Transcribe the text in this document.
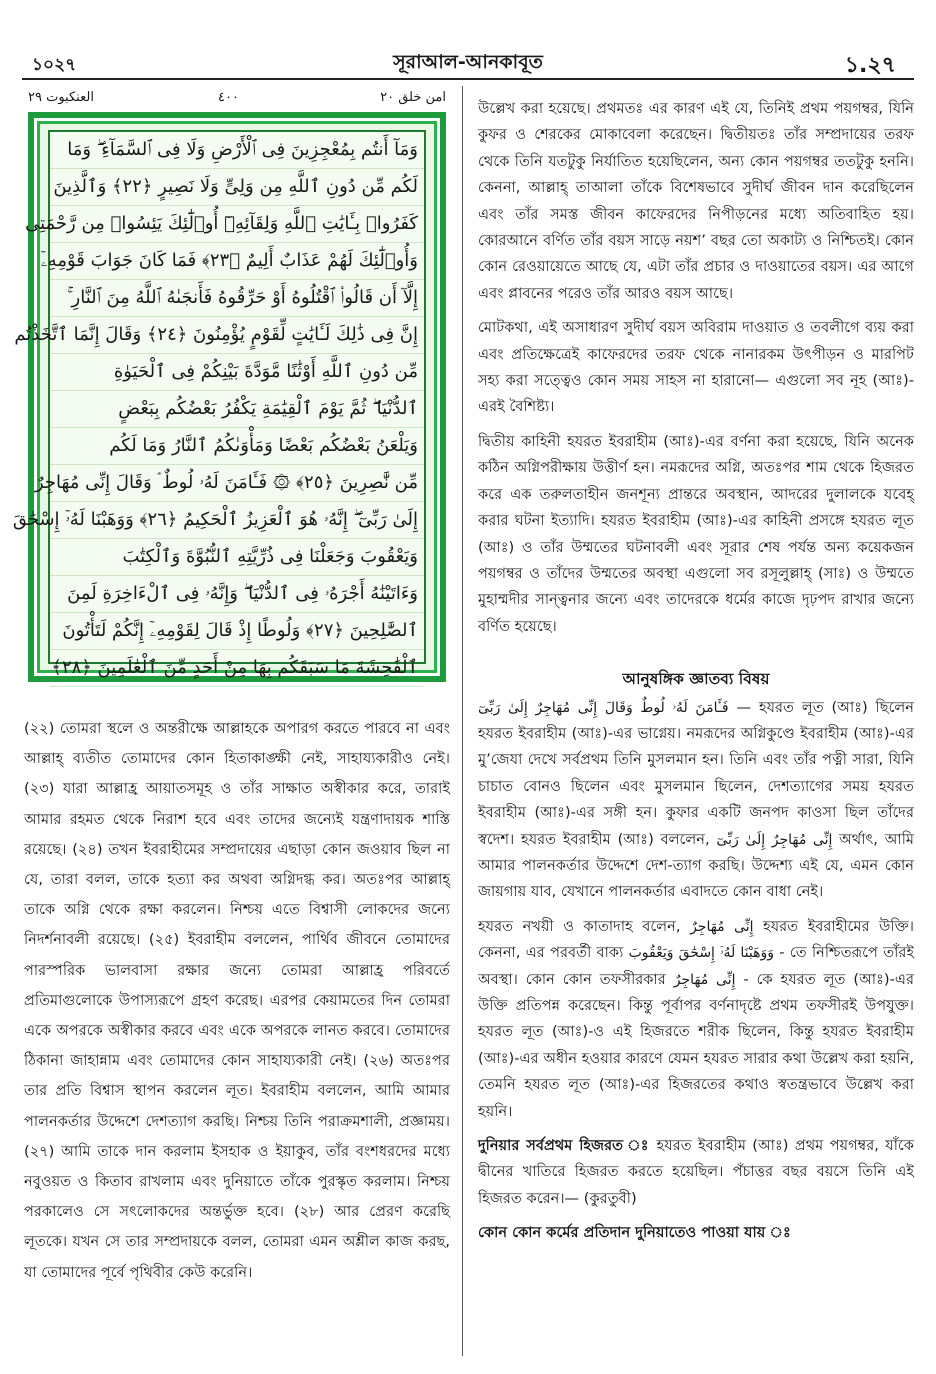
১০২৭	সূরাআল-আনকাবূত	১.২৭
العنكبوت ٢٩	٤٠٠	امن خلق ٢٠
وَمَآ أَنتُم بِمُعْجِزِينَ فِى ٱلْأَرْضِ وَلَا فِى ٱلسَّمَآءِ ۖ وَمَا
لَكُم مِّن دُونِ ٱللَّهِ مِن وَلِىٍّ وَلَا نَصِيرٍ ﴿٢٢﴾ وَٱلَّذِينَ
كَفَرُوا۟ بِـَٔايَٰتِ ٱللَّهِ وَلِقَآئِهِۦٓ أُو۟لَٰٓئِكَ يَئِسُوا۟ مِن رَّحْمَتِى
وَأُو۟لَٰٓئِكَ لَهُمْ عَذَابٌ أَلِيمٌ ﴿٢٣﴾ فَمَا كَانَ جَوَابَ قَوْمِهِۦٓ
إِلَّآ أَن قَالُوا۟ ٱقْتُلُوهُ أَوْ حَرِّقُوهُ فَأَنجَىٰهُ ٱللَّهُ مِنَ ٱلنَّارِ ۚ
إِنَّ فِى ذَٰلِكَ لَـَٔايَٰتٍ لِّقَوْمٍ يُؤْمِنُونَ ﴿٢٤﴾ وَقَالَ إِنَّمَا ٱتَّخَذْتُم
مِّن دُونِ ٱللَّهِ أَوْثَٰنًا مَّوَدَّةَ بَيْنِكُمْ فِى ٱلْحَيَوٰةِ
ٱلدُّنْيَا ۖ ثُمَّ يَوْمَ ٱلْقِيَٰمَةِ يَكْفُرُ بَعْضُكُم بِبَعْضٍ
وَيَلْعَنُ بَعْضُكُم بَعْضًا وَمَأْوَىٰكُمُ ٱلنَّارُ وَمَا لَكُم
مِّن نَّٰصِرِينَ ﴿٢٥﴾ ۞ فَـَٔامَنَ لَهُۥ لُوطٌ ۘ وَقَالَ إِنِّى مُهَاجِرٌ
إِلَىٰ رَبِّىٓ ۖ إِنَّهُۥ هُوَ ٱلْعَزِيزُ ٱلْحَكِيمُ ﴿٢٦﴾ وَوَهَبْنَا لَهُۥٓ إِسْحَٰقَ
وَيَعْقُوبَ وَجَعَلْنَا فِى ذُرِّيَّتِهِ ٱلنُّبُوَّةَ وَٱلْكِتَٰبَ
وَءَاتَيْنَٰهُ أَجْرَهُۥ فِى ٱلدُّنْيَا ۖ وَإِنَّهُۥ فِى ٱلْءَاخِرَةِ لَمِنَ
ٱلصَّٰلِحِينَ ﴿٢٧﴾ وَلُوطًا إِذْ قَالَ لِقَوْمِهِۦٓ إِنَّكُمْ لَتَأْتُونَ
ٱلْفَٰحِشَةَ مَا سَبَقَكُم بِهَا مِنْ أَحَدٍ مِّنَ ٱلْعَٰلَمِينَ ﴿٢٨﴾
(২২) তোমরা স্থলে ও অন্তরীক্ষে আল্লাহকে অপারগ করতে পারবে না এবং আল্লাহ্ ব্যতীত তোমাদের কোন হিতাকাঙ্ক্ষী নেই, সাহায্যকারীও নেই। (২৩) যারা আল্লাহ্র আয়াতসমূহ ও তাঁর সাক্ষাত অস্বীকার করে, তারাই আমার রহমত থেকে নিরাশ হবে এবং তাদের জন্যেই যন্ত্রণাদায়ক শাস্তি রয়েছে। (২৪) তখন ইবরাহীমের সম্প্রদায়ের এছাড়া কোন জওয়াব ছিল না যে, তারা বলল, তাকে হত্যা কর অথবা অগ্নিদগ্ধ কর। অতঃপর আল্লাহ্ তাকে অগ্নি থেকে রক্ষা করলেন। নিশ্চয় এতে বিশ্বাসী লোকদের জন্যে নিদর্শনাবলী রয়েছে। (২৫) ইবরাহীম বললেন, পার্থিব জীবনে তোমাদের পারস্পরিক ভালবাসা রক্ষার জন্যে তোমরা আল্লাহ্র পরিবর্তে প্রতিমাগুলোকে উপাস্যরূপে গ্রহণ করেছ। এরপর কেয়ামতের দিন তোমরা একে অপরকে অস্বীকার করবে এবং একে অপরকে লানত করবে। তোমাদের ঠিকানা জাহান্নাম এবং তোমাদের কোন সাহায্যকারী নেই। (২৬) অতঃপর তার প্রতি বিশ্বাস স্থাপন করলেন লূত। ইবরাহীম বললেন, আমি আমার পালনকর্তার উদ্দেশে দেশত্যাগ করছি। নিশ্চয় তিনি পরাক্রমশালী, প্রজ্ঞাময়। (২৭) আমি তাকে দান করলাম ইসহাক ও ইয়াকুব, তাঁর বংশধরদের মধ্যে নবুওয়ত ও কিতাব রাখলাম এবং দুনিয়াতে তাঁকে পুরস্কৃত করলাম। নিশ্চয় পরকালেও সে সৎলোকদের অন্তর্ভুক্ত হবে। (২৮) আর প্রেরণ করেছি লূতকে। যখন সে তার সম্প্রদায়কে বলল, তোমরা এমন অশ্লীল কাজ করছ, যা তোমাদের পূর্বে পৃথিবীর কেউ করেনি।

উল্লেখ করা হয়েছে। প্রথমতঃ এর কারণ এই যে, তিনিই প্রথম পয়গম্বর, যিনি কুফর ও শেরকের মোকাবেলা করেছেন। দ্বিতীয়তঃ তাঁর সম্প্রদায়ের তরফ থেকে তিনি যতটুকু নির্যাতিত হয়েছিলেন, অন্য কোন পয়গম্বর ততটুকু হননি। কেননা, আল্লাহ্ তাআলা তাঁকে বিশেষভাবে সুদীর্ঘ জীবন দান করেছিলেন এবং তাঁর সমস্ত জীবন কাফেরদের নিপীড়নের মধ্যে অতিবাহিত হয়। কোরআনে বর্ণিত তাঁর বয়স সাড়ে নয়শ’ বছর তো অকাট্য ও নিশ্চিতই। কোন কোন রেওয়ায়েতে আছে যে, এটা তাঁর প্রচার ও দাওয়াতের বয়স। এর আগে এবং প্লাবনের পরেও তাঁর আরও বয়স আছে।

মোটকথা, এই অসাধারণ সুদীর্ঘ বয়স অবিরাম দাওয়াত ও তবলীগে ব্যয় করা এবং প্রতিক্ষেত্রেই কাফেরদের তরফ থেকে নানারকম উৎপীড়ন ও মারপিট সহ্য করা সত্ত্বেও কোন সময় সাহস না হারানো— এগুলো সব নূহ (আঃ)-এরই বৈশিষ্ট্য।

দ্বিতীয় কাহিনী হযরত ইবরাহীম (আঃ)-এর বর্ণনা করা হয়েছে, যিনি অনেক কঠিন অগ্নিপরীক্ষায় উত্তীর্ণ হন। নমরূদের অগ্নি, অতঃপর শাম থেকে হিজরত করে এক তরুলতাহীন জনশূন্য প্রান্তরে অবস্থান, আদরের দুলালকে যবেহ্ করার ঘটনা ইত্যাদি। হযরত ইবরাহীম (আঃ)-এর কাহিনী প্রসঙ্গে হযরত লূত (আঃ) ও তাঁর উম্মতের ঘটনাবলী এবং সূরার শেষ পর্যন্ত অন্য কয়েকজন পয়গম্বর ও তাঁদের উম্মতের অবস্থা এগুলো সব রসূলুল্লাহ্ (সাঃ) ও উম্মতে মুহাম্মদীর সান্ত্বনার জন্যে এবং তাদেরকে ধর্মের কাজে দৃঢ়পদ রাখার জন্যে বর্ণিত হয়েছে।

আনুষঙ্গিক জ্ঞাতব্য বিষয়

فَـَٔامَنَ لَهُۥ لُوطٌ وَقَالَ إِنِّى مُهَاجِرٌ إِلَىٰ رَبِّىٓ — হযরত লূত (আঃ) ছিলেন হযরত ইবরাহীম (আঃ)-এর ভাগ্নেয়। নমরূদের অগ্নিকুণ্ডে ইবরাহীম (আঃ)-এর মু’জেযা দেখে সর্বপ্রথম তিনি মুসলমান হন। তিনি এবং তাঁর পত্নী সারা, যিনি চাচাত বোনও ছিলেন এবং মুসলমান ছিলেন, দেশত্যাগের সময় হযরত ইবরাহীম (আঃ)-এর সঙ্গী হন। কুফার একটি জনপদ কাওসা ছিল তাঁদের স্বদেশ। হযরত ইবরাহীম (আঃ) বললেন, إِنِّى مُهَاجِرٌ إِلَىٰ رَبِّىٓ অর্থাৎ, আমি আমার পালনকর্তার উদ্দেশে দেশ-ত্যাগ করছি। উদ্দেশ্য এই যে, এমন কোন জায়গায় যাব, যেখানে পালনকর্তার এবাদতে কোন বাধা নেই।

হযরত নখয়ী ও কাতাদাহ বলেন, إِنِّى مُهَاجِرٌ হযরত ইবরাহীমের উক্তি। কেননা, এর পরবর্তী বাক্য وَوَهَبْنَا لَهُۥٓ إِسْحَٰقَ وَيَعْقُوبَ - তে নিশ্চিতরূপে তাঁরই অবস্থা। কোন কোন তফসীরকার إِنِّى مُهَاجِرٌ - কে হযরত লূত (আঃ)-এর উক্তি প্রতিপন্ন করেছেন। কিন্তু পূর্বাপর বর্ণনাদৃষ্টে প্রথম তফসীরই উপযুক্ত। হযরত লূত (আঃ)-ও এই হিজরতে শরীক ছিলেন, কিন্তু হযরত ইবরাহীম (আঃ)-এর অধীন হওয়ার কারণে যেমন হযরত সারার কথা উল্লেখ করা হয়নি, তেমনি হযরত লূত (আঃ)-এর হিজরতের কথাও স্বতন্ত্রভাবে উল্লেখ করা হয়নি।

দুনিয়ার সর্বপ্রথম হিজরত ঃ হযরত ইবরাহীম (আঃ) প্রথম পয়গম্বর, যাঁকে দ্বীনের খাতিরে হিজরত করতে হয়েছিল। পঁচাত্তর বছর বয়সে তিনি এই হিজরত করেন।— (কুরতুবী)

কোন কোন কর্মের প্রতিদান দুনিয়াতেও পাওয়া যায় ঃ
